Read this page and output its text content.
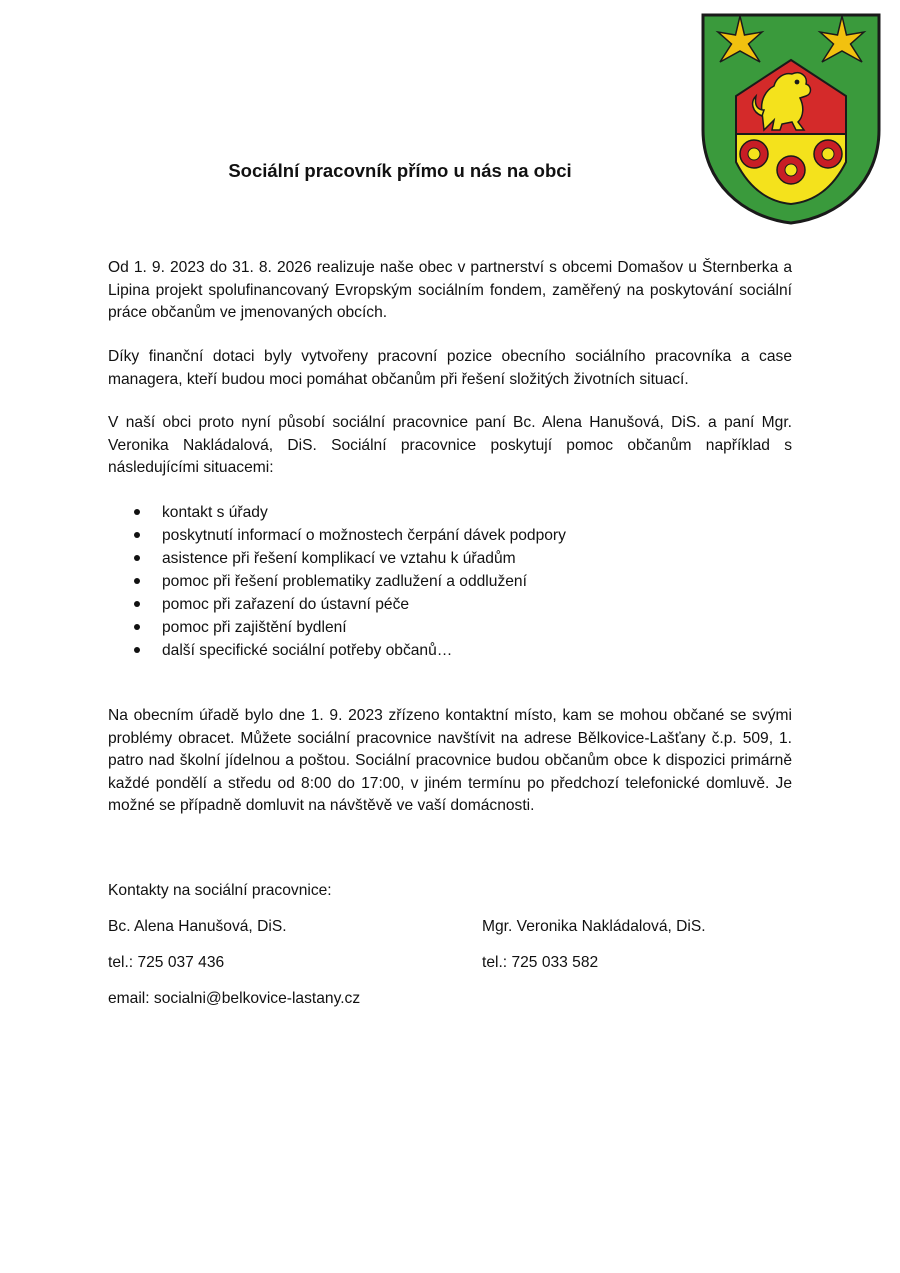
Sociální pracovník přímo u nás na obci

Od 1. 9. 2023 do 31. 8. 2026 realizuje naše obec v partnerství s obcemi Domašov u Šternberka a Lipina projekt spolufinancovaný Evropským sociálním fondem, zaměřený na poskytování sociální práce občanům ve jmenovaných obcích.

Díky finanční dotaci byly vytvořeny pracovní pozice obecního sociálního pracovníka a case managera, kteří budou moci pomáhat občanům při řešení složitých životních situací.

V naší obci proto nyní působí sociální pracovnice paní Bc. Alena Hanušová, DiS. a paní Mgr. Veronika Nakládalová, DiS. Sociální pracovnice poskytují pomoc občanům například s následujícími situacemi:

kontakt s úřady
poskytnutí informací o možnostech čerpání dávek podpory
asistence při řešení komplikací ve vztahu k úřadům
pomoc při řešení problematiky zadlužení a oddlužení
pomoc při zařazení do ústavní péče
pomoc při zajištění bydlení
další specifické sociální potřeby občanů…

Na obecním úřadě bylo dne 1. 9. 2023 zřízeno kontaktní místo, kam se mohou občané se svými problémy obracet. Můžete sociální pracovnice navštívit na adrese Bělkovice-Lašťany č.p. 509, 1. patro nad školní jídelnou a poštou. Sociální pracovnice budou občanům obce k dispozici primárně každé pondělí a středu od 8:00 do 17:00, v jiném termínu po předchozí telefonické domluvě. Je možné se případně domluvit na návštěvě ve vaší domácnosti.

Kontakty na sociální pracovnice:
Bc. Alena Hanušová, DiS.	Mgr. Veronika Nakládalová, DiS.
tel.: 725 037 436	tel.: 725 033 582
email: socialni@belkovice-lastany.cz
